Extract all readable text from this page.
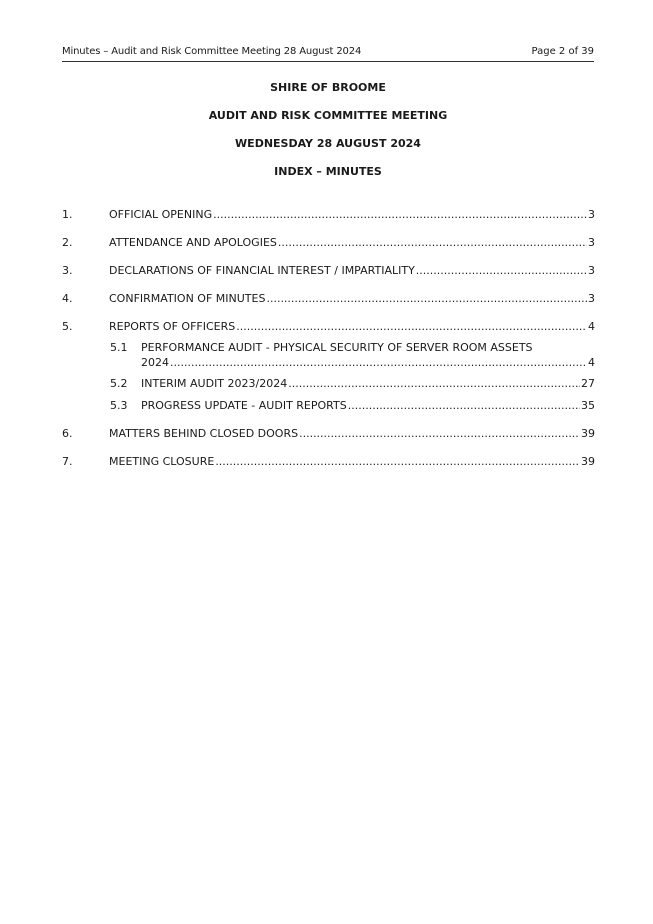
Minutes – Audit and Risk Committee Meeting 28 August 2024	Page 2 of 39
SHIRE OF BROOME
AUDIT AND RISK COMMITTEE MEETING
WEDNESDAY 28 AUGUST 2024
INDEX – MINUTES
1.	OFFICIAL OPENING .....	3
2.	ATTENDANCE AND APOLOGIES .....	3
3.	DECLARATIONS OF FINANCIAL INTEREST / IMPARTIALITY .....	3
4.	CONFIRMATION OF MINUTES .....	3
5.	REPORTS OF OFFICERS .....	4
5.1	PERFORMANCE AUDIT - PHYSICAL SECURITY OF SERVER ROOM ASSETS
2024 .....	4
5.2	INTERIM AUDIT 2023/2024 .....	27
5.3	PROGRESS UPDATE - AUDIT REPORTS .....	35
6.	MATTERS BEHIND CLOSED DOORS .....	39
7.	MEETING CLOSURE .....	39
